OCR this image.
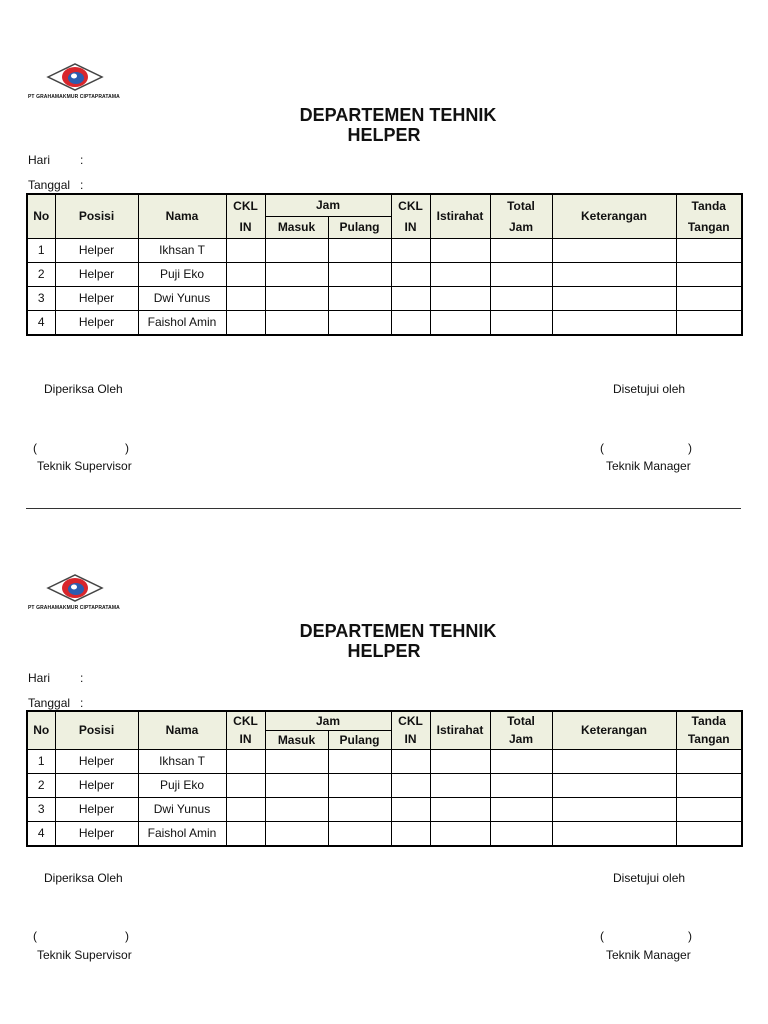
PT GRAHAMAKMUR CIPTAPRATAMA
DEPARTEMEN TEHNIK
HELPER
Hari :
Tanggal :
No	Posisi	Nama	CKL	Jam		CKL	Istirahat	Total	Keterangan	Tanda
			IN	Masuk	Pulang	IN		Jam		Tangan
1	Helper	Ikhsan T								
2	Helper	Puji Eko								
3	Helper	Dwi Yunus								
4	Helper	Faishol Amin								
Diperiksa Oleh	Disetujui oleh
(	)	(	)
Teknik Supervisor	Teknik Manager
PT GRAHAMAKMUR CIPTAPRATAMA
DEPARTEMEN TEHNIK
HELPER
Hari :
Tanggal :
No	Posisi	Nama	CKL	Jam		CKL	Istirahat	Total	Keterangan	Tanda
			IN	Masuk	Pulang	IN		Jam		Tangan
1	Helper	Ikhsan T								
2	Helper	Puji Eko								
3	Helper	Dwi Yunus								
4	Helper	Faishol Amin								
Diperiksa Oleh	Disetujui oleh
(	)	(	)
Teknik Supervisor	Teknik Manager
